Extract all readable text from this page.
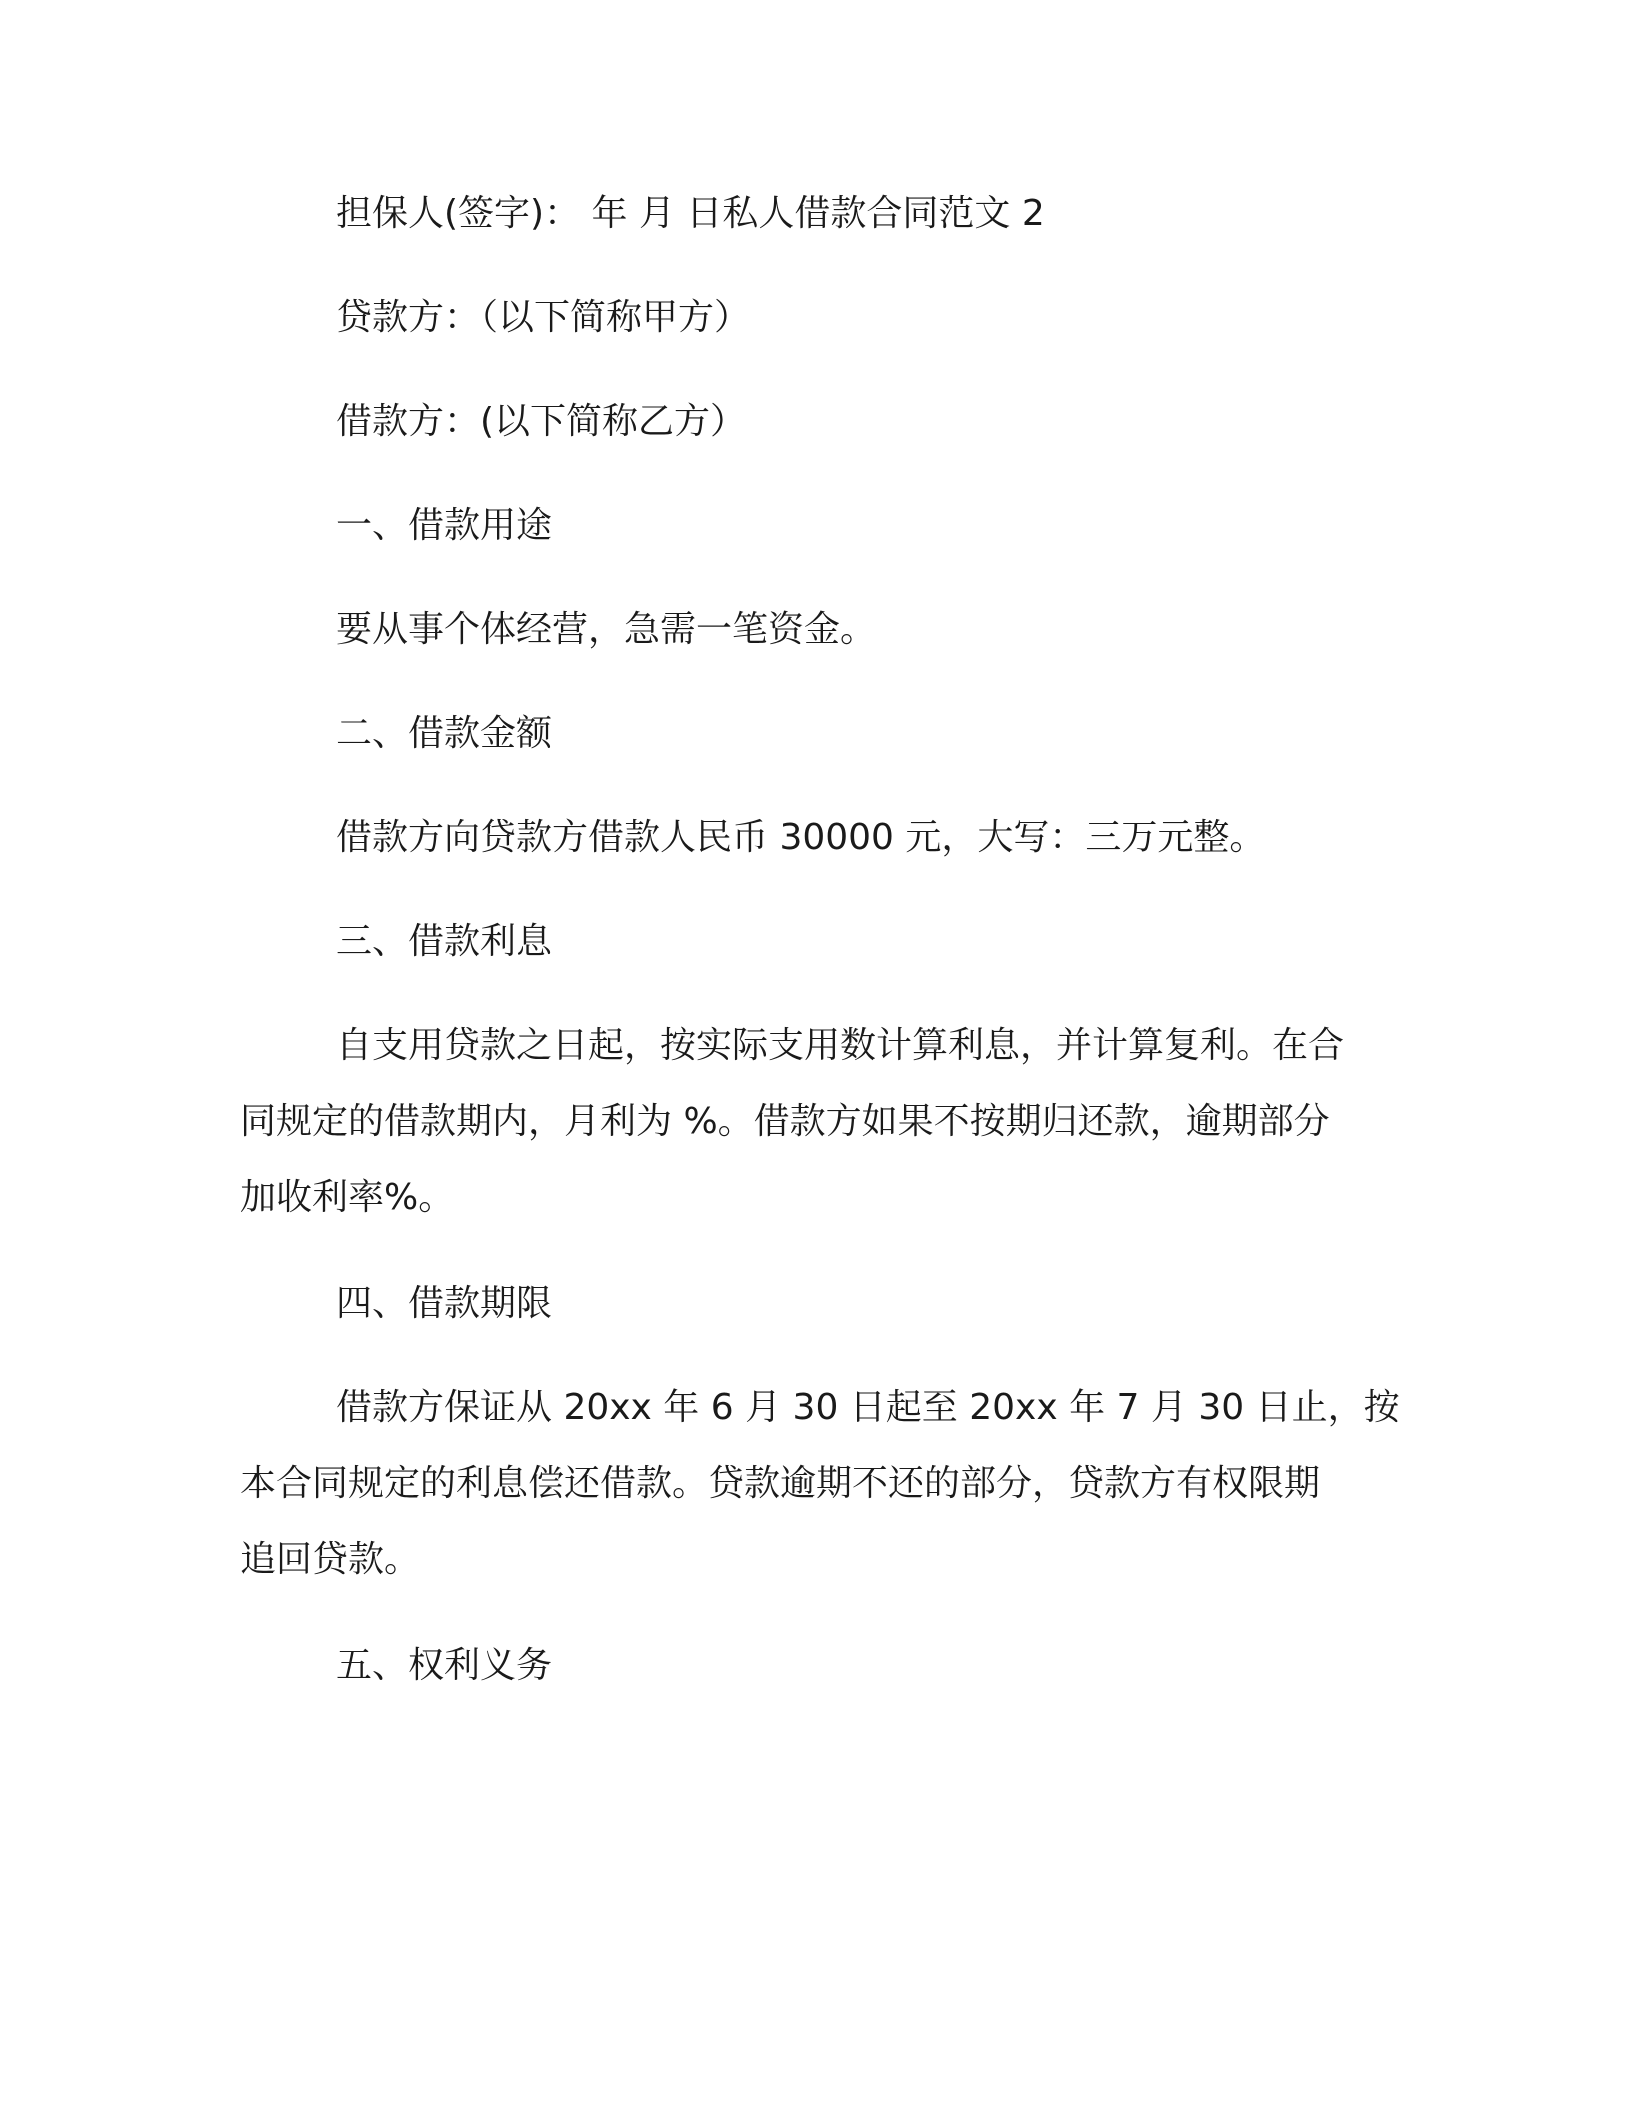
担保人(签字)： 年 月 日私人借款合同范文 2

贷款方：（以下简称甲方）

借款方：(以下简称乙方）

一、借款用途

要从事个体经营，急需一笔资金。

二、借款金额

借款方向贷款方借款人民币 30000 元，大写：三万元整。

三、借款利息

自支用贷款之日起，按实际支用数计算利息，并计算复利。在合
同规定的借款期内，月利为 %。借款方如果不按期归还款，逾期部分
加收利率%。

四、借款期限

借款方保证从 20xx 年 6 月 30 日起至 20xx 年 7 月 30 日止，按
本合同规定的利息偿还借款。贷款逾期不还的部分，贷款方有权限期
追回贷款。

五、权利义务
